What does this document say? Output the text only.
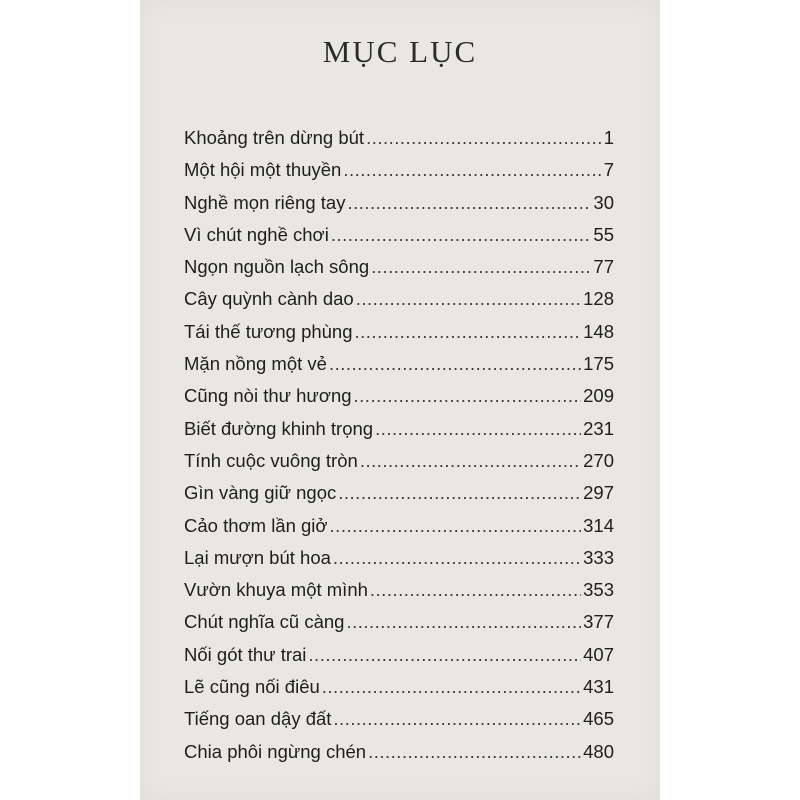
MỤC LỤC
Khoảng trên dừng bút .....	1
Một hội một thuyền .....	7
Nghề mọn riêng tay .....	30
Vì chút nghề chơi .....	55
Ngọn nguồn lạch sông .....	77
Cây quỳnh cành dao .....	128
Tái thế tương phùng .....	148
Mặn nồng một vẻ .....	175
Cũng nòi thư hương .....	209
Biết đường khinh trọng .....	231
Tính cuộc vuông tròn .....	270
Gìn vàng giữ ngọc .....	297
Cảo thơm lần giở .....	314
Lại mượn bút hoa .....	333
Vườn khuya một mình .....	353
Chút nghĩa cũ càng .....	377
Nối gót thư trai .....	407
Lẽ cũng nối điêu .....	431
Tiếng oan dậy đất .....	465
Chia phôi ngừng chén .....	480
